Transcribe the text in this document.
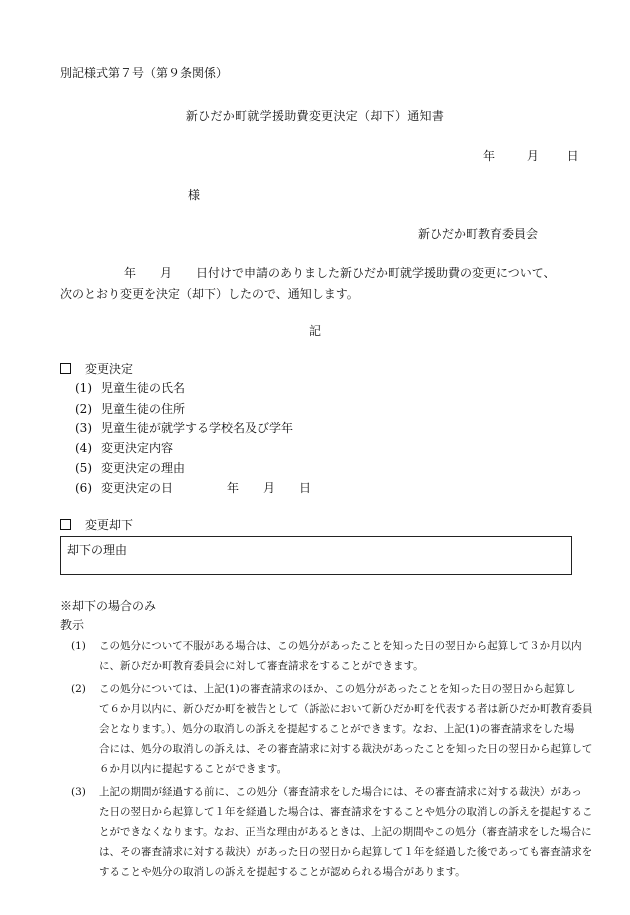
別記様式第７号（第９条関係）
新ひだか町就学援助費変更決定（却下）通知書
年	月 日
様
新ひだか町教育委員会
年　　月　　日付けで申請のありました新ひだか町就学援助費の変更について、
次のとおり変更を決定（却下）したので、通知します。
記
変更決定
(1) 児童生徒の氏名
(2) 児童生徒の住所
(3) 児童生徒が就学する学校名及び学年
(4) 変更決定内容
(5) 変更決定の理由
(6) 変更決定の日	年 月 日
変更却下
却下の理由
※却下の場合のみ
教示
(1)	この処分について不服がある場合は、この処分があったことを知った日の翌日から起算して３か月以内
に、新ひだか町教育委員会に対して審査請求をすることができます。
(2)	この処分については、上記(1)の審査請求のほか、この処分があったことを知った日の翌日から起算し
て６か月以内に、新ひだか町を被告として（訴訟において新ひだか町を代表する者は新ひだか町教育委員
会となります。）、処分の取消しの訴えを提起することができます。なお、上記(1)の審査請求をした場
合には、処分の取消しの訴えは、その審査請求に対する裁決があったことを知った日の翌日から起算して
６か月以内に提起することができます。
(3)	上記の期間が経過する前に、この処分（審査請求をした場合には、その審査請求に対する裁決）があっ
た日の翌日から起算して１年を経過した場合は、審査請求をすることや処分の取消しの訴えを提起するこ
とができなくなります。なお、正当な理由があるときは、上記の期間やこの処分（審査請求をした場合に
は、その審査請求に対する裁決）があった日の翌日から起算して１年を経過した後であっても審査請求を
することや処分の取消しの訴えを提起することが認められる場合があります。
